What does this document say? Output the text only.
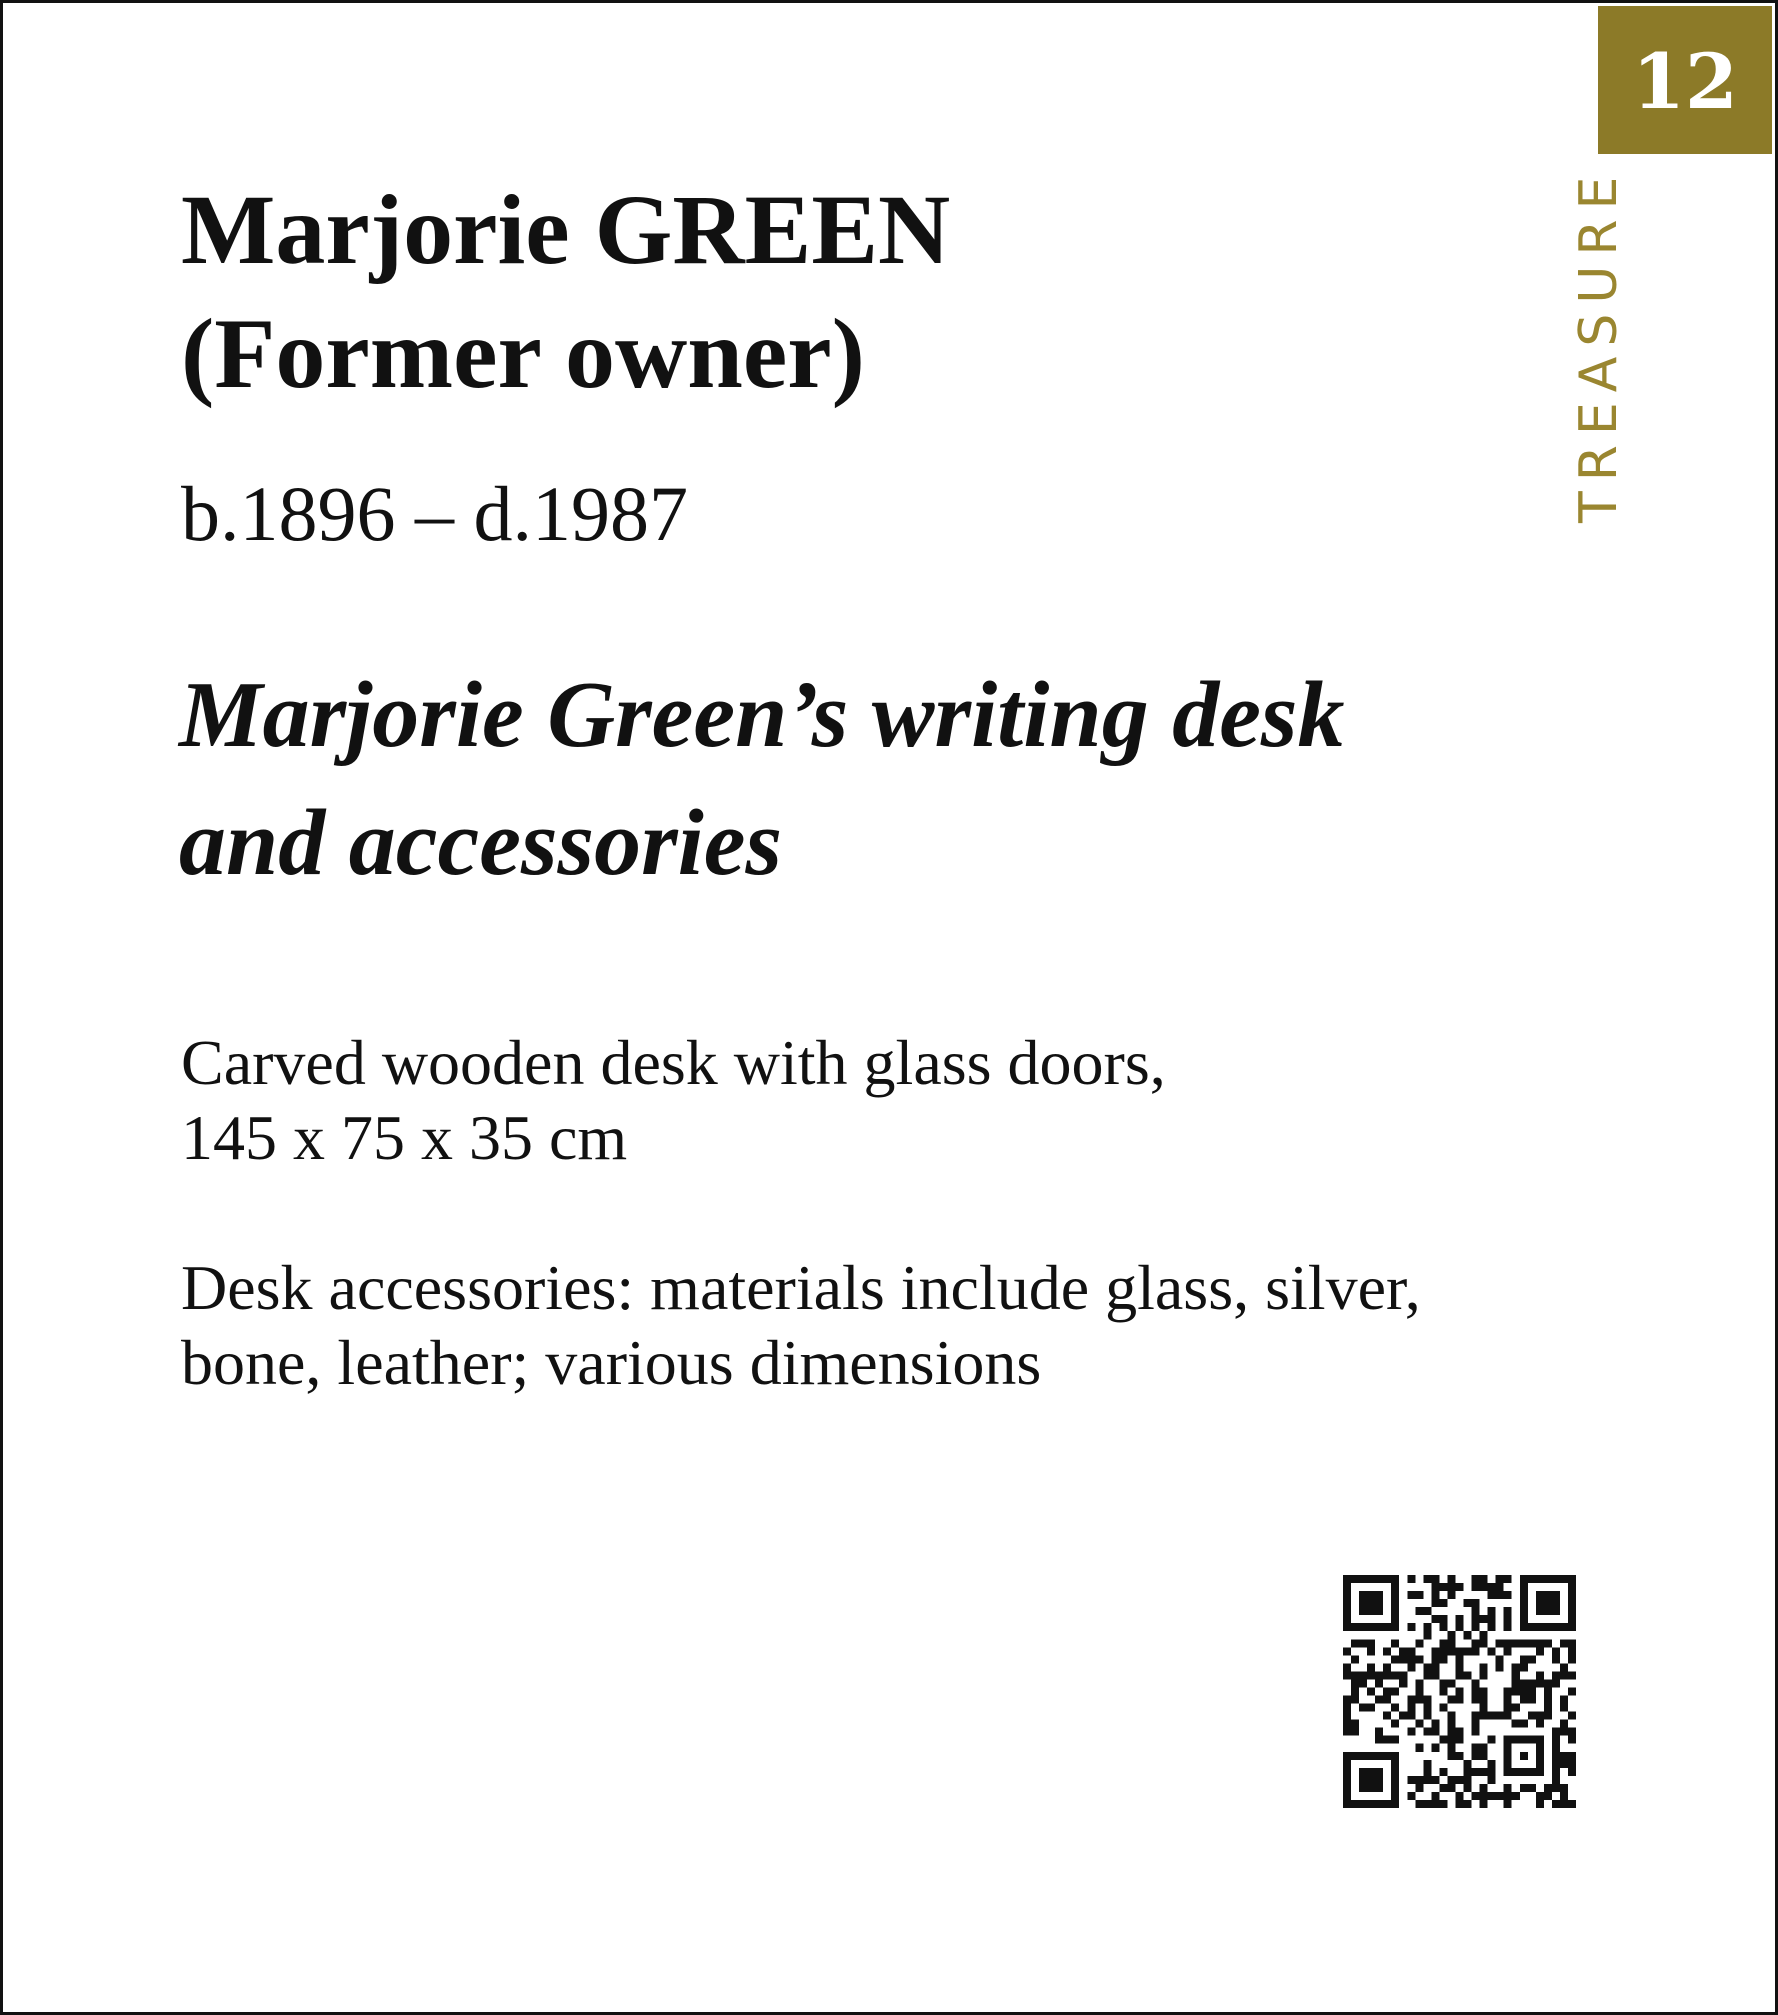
12
TREASURE
Marjorie GREEN
(Former owner)

b.1896 – d.1987

Marjorie Green’s writing desk
and accessories

Carved wooden desk with glass doors,
145 x 75 x 35 cm

Desk accessories: materials include glass, silver,
bone, leather; various dimensions
